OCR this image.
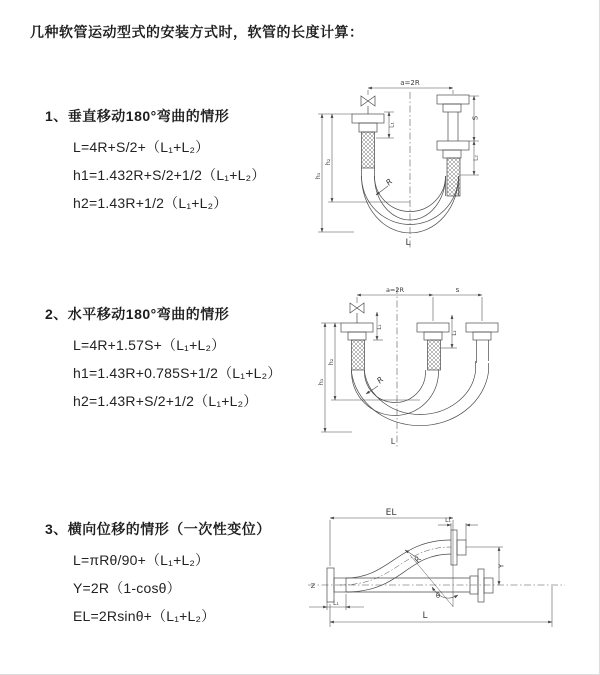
几种软管运动型式的安装方式时，软管的长度计算：
1、垂直移动180°弯曲的情形
L=4R+S/2+（L₁+L₂）
h1=1.432R+S/2+1/2（L₁+L₂）
h2=1.43R+1/2（L₁+L₂）
2、水平移动180°弯曲的情形
L=4R+1.57S+（L₁+L₂）
h1=1.43R+0.785S+1/2（L₁+L₂）
h2=1.43R+S/2+1/2（L₁+L₂）
3、横向位移的情形（一次性变位）
L=πRθ/90+（L₁+L₂）
Y=2R（1-cosθ）
EL=2Rsinθ+（L₁+L₂）
a=2R
L₁
S
L₂
h₁
h₂
R
L
a=2R	s
L₁
L₂
h₁
h₂
R
L
EL
L₁
Y
R
θ
L
Z
L₁
